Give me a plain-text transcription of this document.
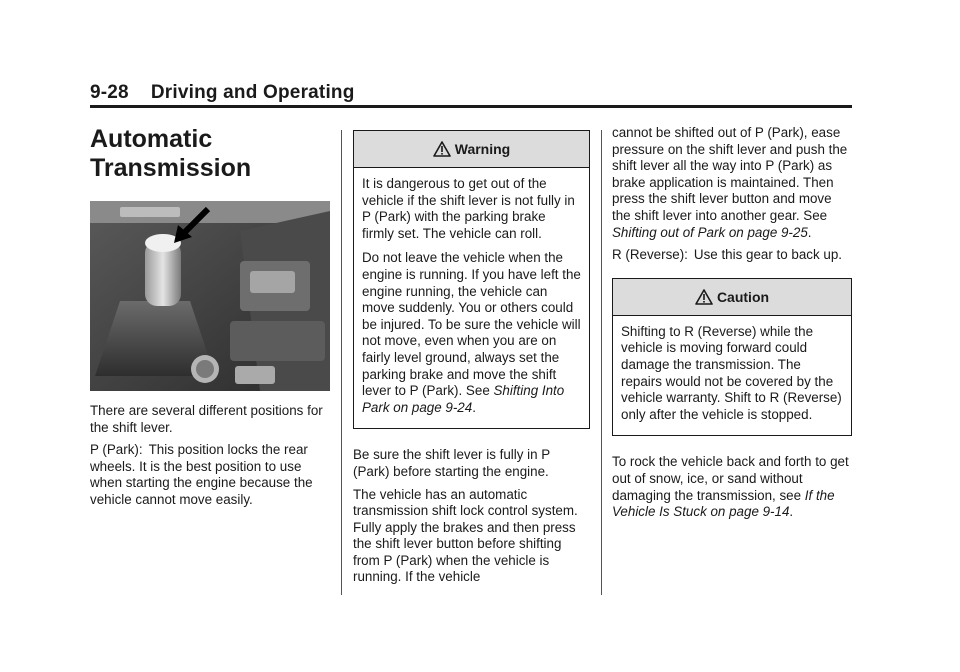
9-28 Driving and Operating
Automatic
Transmission

There are several different positions for the shift lever.

P (Park): This position locks the rear wheels. It is the best position to use when starting the engine because the vehicle cannot move easily.

Warning

It is dangerous to get out of the vehicle if the shift lever is not fully in P (Park) with the parking brake firmly set. The vehicle can roll.

Do not leave the vehicle when the engine is running. If you have left the engine running, the vehicle can move suddenly. You or others could be injured. To be sure the vehicle will not move, even when you are on fairly level ground, always set the parking brake and move the shift lever to P (Park). See Shifting Into Park on page 9-24.

Be sure the shift lever is fully in P (Park) before starting the engine.

The vehicle has an automatic transmission shift lock control system. Fully apply the brakes and then press the shift lever button before shifting from P (Park) when the vehicle is running. If the vehicle

cannot be shifted out of P (Park), ease pressure on the shift lever and push the shift lever all the way into P (Park) as brake application is maintained. Then press the shift lever button and move the shift lever into another gear. See Shifting out of Park on page 9-25.

R (Reverse): Use this gear to back up.

Caution

Shifting to R (Reverse) while the vehicle is moving forward could damage the transmission. The repairs would not be covered by the vehicle warranty. Shift to R (Reverse) only after the vehicle is stopped.

To rock the vehicle back and forth to get out of snow, ice, or sand without damaging the transmission, see If the Vehicle Is Stuck on page 9-14.
